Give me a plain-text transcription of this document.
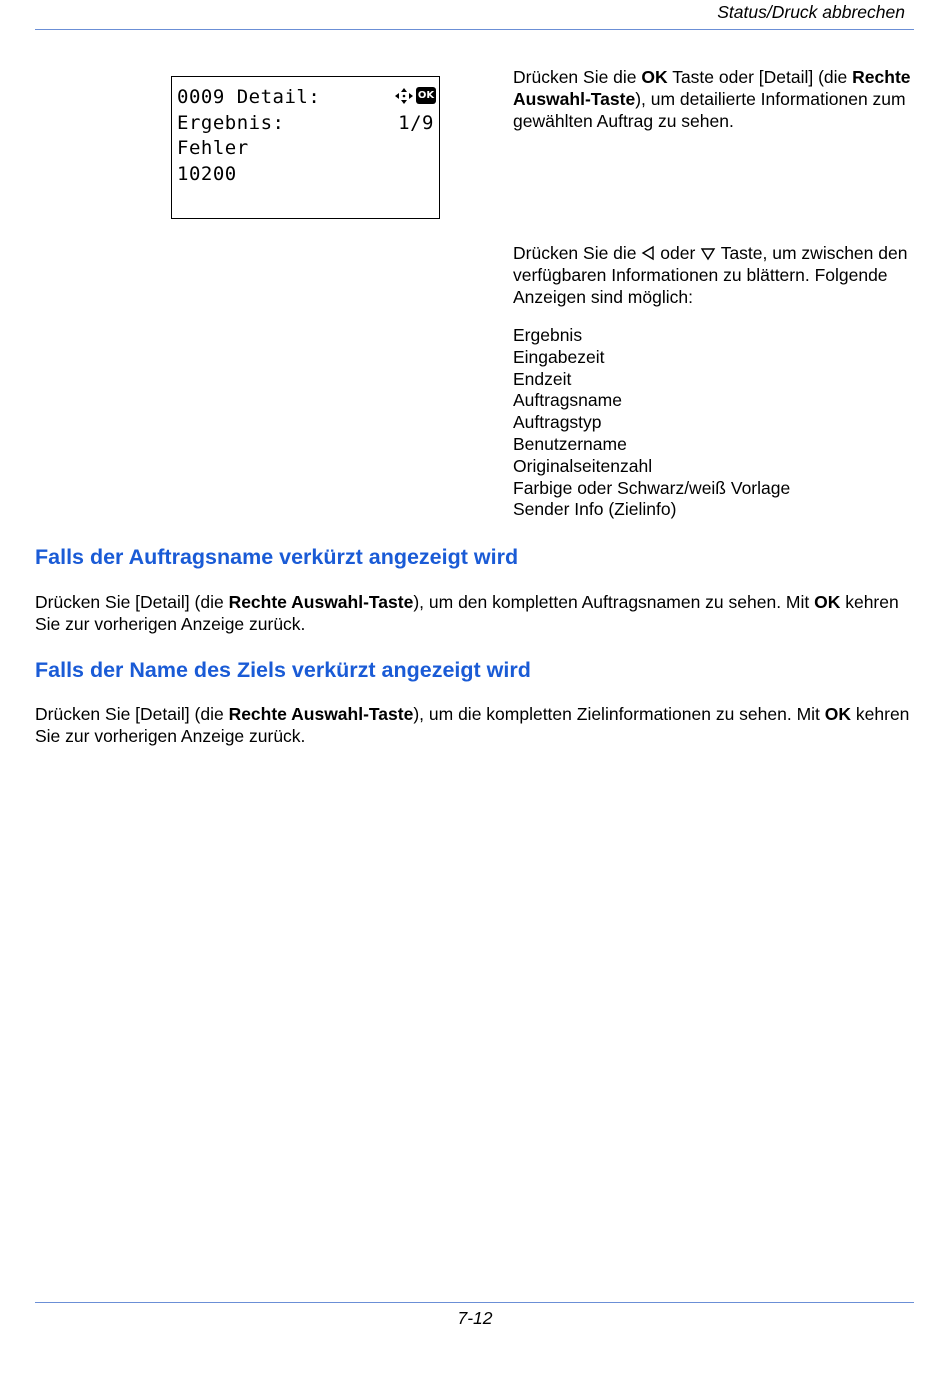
Status/Druck abbrechen
0009 Detail:	OK
Ergebnis:	1/9
Fehler
10200

Drücken Sie die OK Taste oder [Detail] (die Rechte Auswahl-Taste), um detailierte Informationen zum gewählten Auftrag zu sehen.

Drücken Sie die  oder  Taste, um zwischen den verfügbaren Informationen zu blättern. Folgende Anzeigen sind möglich:

Ergebnis
Eingabezeit
Endzeit
Auftragsname
Auftragstyp
Benutzername
Originalseitenzahl
Farbige oder Schwarz/weiß Vorlage
Sender Info (Zielinfo)
Falls der Auftragsname verkürzt angezeigt wird

Drücken Sie [Detail] (die Rechte Auswahl-Taste), um den kompletten Auftragsnamen zu sehen. Mit OK kehren Sie zur vorherigen Anzeige zurück.

Falls der Name des Ziels verkürzt angezeigt wird

Drücken Sie [Detail] (die Rechte Auswahl-Taste), um die kompletten Zielinformationen zu sehen. Mit OK kehren Sie zur vorherigen Anzeige zurück.

7-12
